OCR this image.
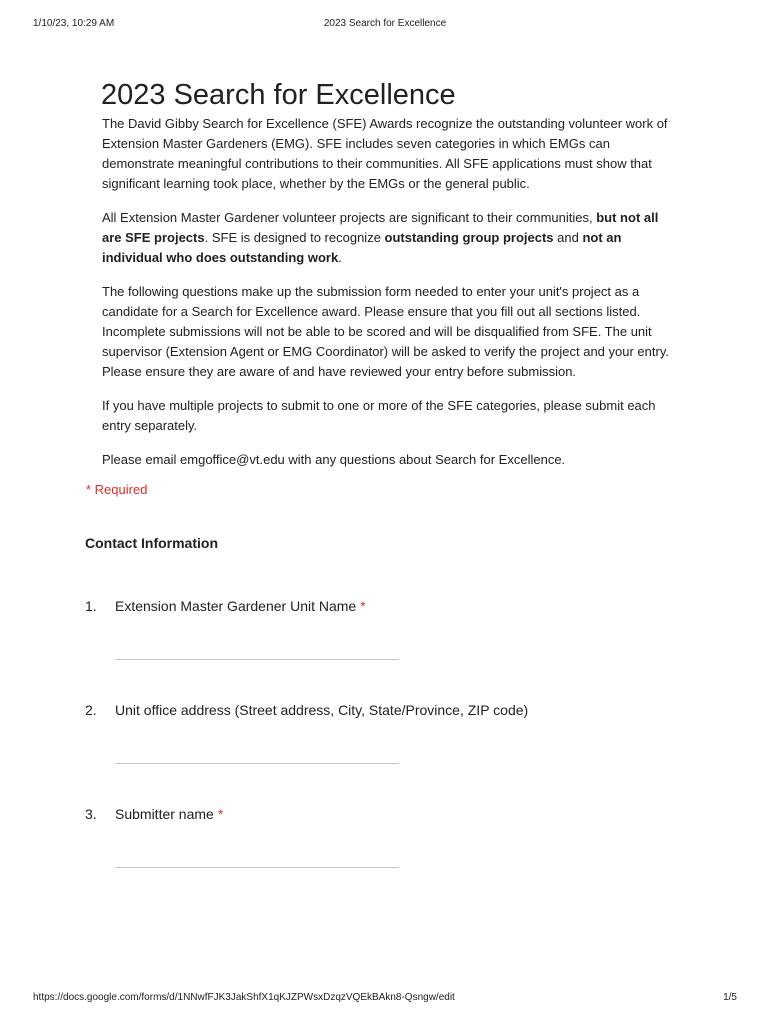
1/10/23, 10:29 AM	2023 Search for Excellence
2023 Search for Excellence

The David Gibby Search for Excellence (SFE) Awards recognize the outstanding volunteer work of Extension Master Gardeners (EMG). SFE includes seven categories in which EMGs can demonstrate meaningful contributions to their communities. All SFE applications must show that significant learning took place, whether by the EMGs or the general public.

All Extension Master Gardener volunteer projects are significant to their communities, but not all are SFE projects. SFE is designed to recognize outstanding group projects and not an individual who does outstanding work.

The following questions make up the submission form needed to enter your unit's project as a candidate for a Search for Excellence award. Please ensure that you fill out all sections listed. Incomplete submissions will not be able to be scored and will be disqualified from SFE. The unit supervisor (Extension Agent or EMG Coordinator) will be asked to verify the project and your entry. Please ensure they are aware of and have reviewed your entry before submission.

If you have multiple projects to submit to one or more of the SFE categories, please submit each entry separately.

Please email emgoffice@vt.edu with any questions about Search for Excellence.

* Required
Contact Information
1. Extension Master Gardener Unit Name *
2. Unit office address (Street address, City, State/Province, ZIP code)
3. Submitter name *
https://docs.google.com/forms/d/1NNwfFJK3JakShfX1qKJZPWsxDzqzVQEkBAkn8-Qsngw/edit	1/5
